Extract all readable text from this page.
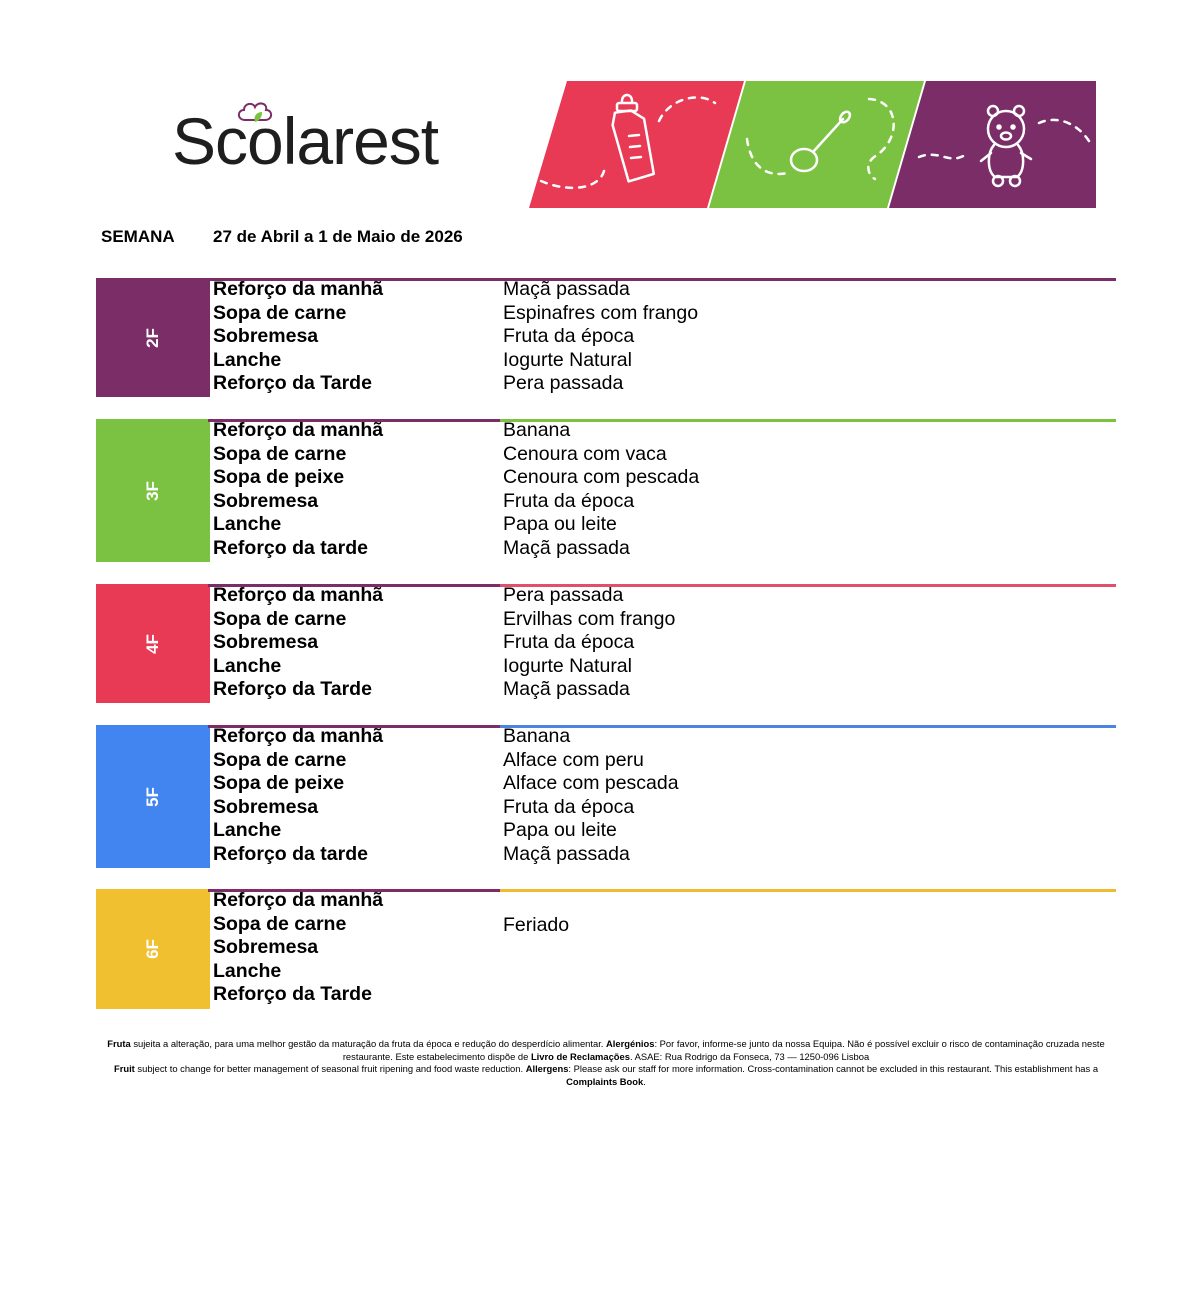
Scolarest
SEMANA 27 de Abril a 1 de Maio de 2026
2F
Reforço da manhã
Sopa de carne
Sobremesa
Lanche
Reforço da Tarde
Maçã passada
Espinafres com frango
Fruta da época
Iogurte Natural
Pera passada
3F
Reforço da manhã
Sopa de carne
Sopa de peixe
Sobremesa
Lanche
Reforço da tarde
Banana
Cenoura com vaca
Cenoura com pescada
Fruta da época
Papa ou leite
Maçã passada
4F
Reforço da manhã
Sopa de carne
Sobremesa
Lanche
Reforço da Tarde
Pera passada
Ervilhas com frango
Fruta da época
Iogurte Natural
Maçã passada
5F
Reforço da manhã
Sopa de carne
Sopa de peixe
Sobremesa
Lanche
Reforço da tarde
Banana
Alface com peru
Alface com pescada
Fruta da época
Papa ou leite
Maçã passada
6F
Reforço da manhã
Sopa de carne
Sobremesa
Lanche
Reforço da Tarde
Feriado
Fruta sujeita a alteração, para uma melhor gestão da maturação da fruta da época e redução do desperdício alimentar. Alergénios: Por favor, informe-se junto da nossa Equipa. Não é possível excluir o risco de contaminação cruzada neste restaurante. Este estabelecimento dispõe de Livro de Reclamações. ASAE: Rua Rodrigo da Fonseca, 73 — 1250-096 Lisboa
Fruit subject to change for better management of seasonal fruit ripening and food waste reduction. Allergens: Please ask our staff for more information. Cross-contamination cannot be excluded in this restaurant. This establishment has a Complaints Book.
